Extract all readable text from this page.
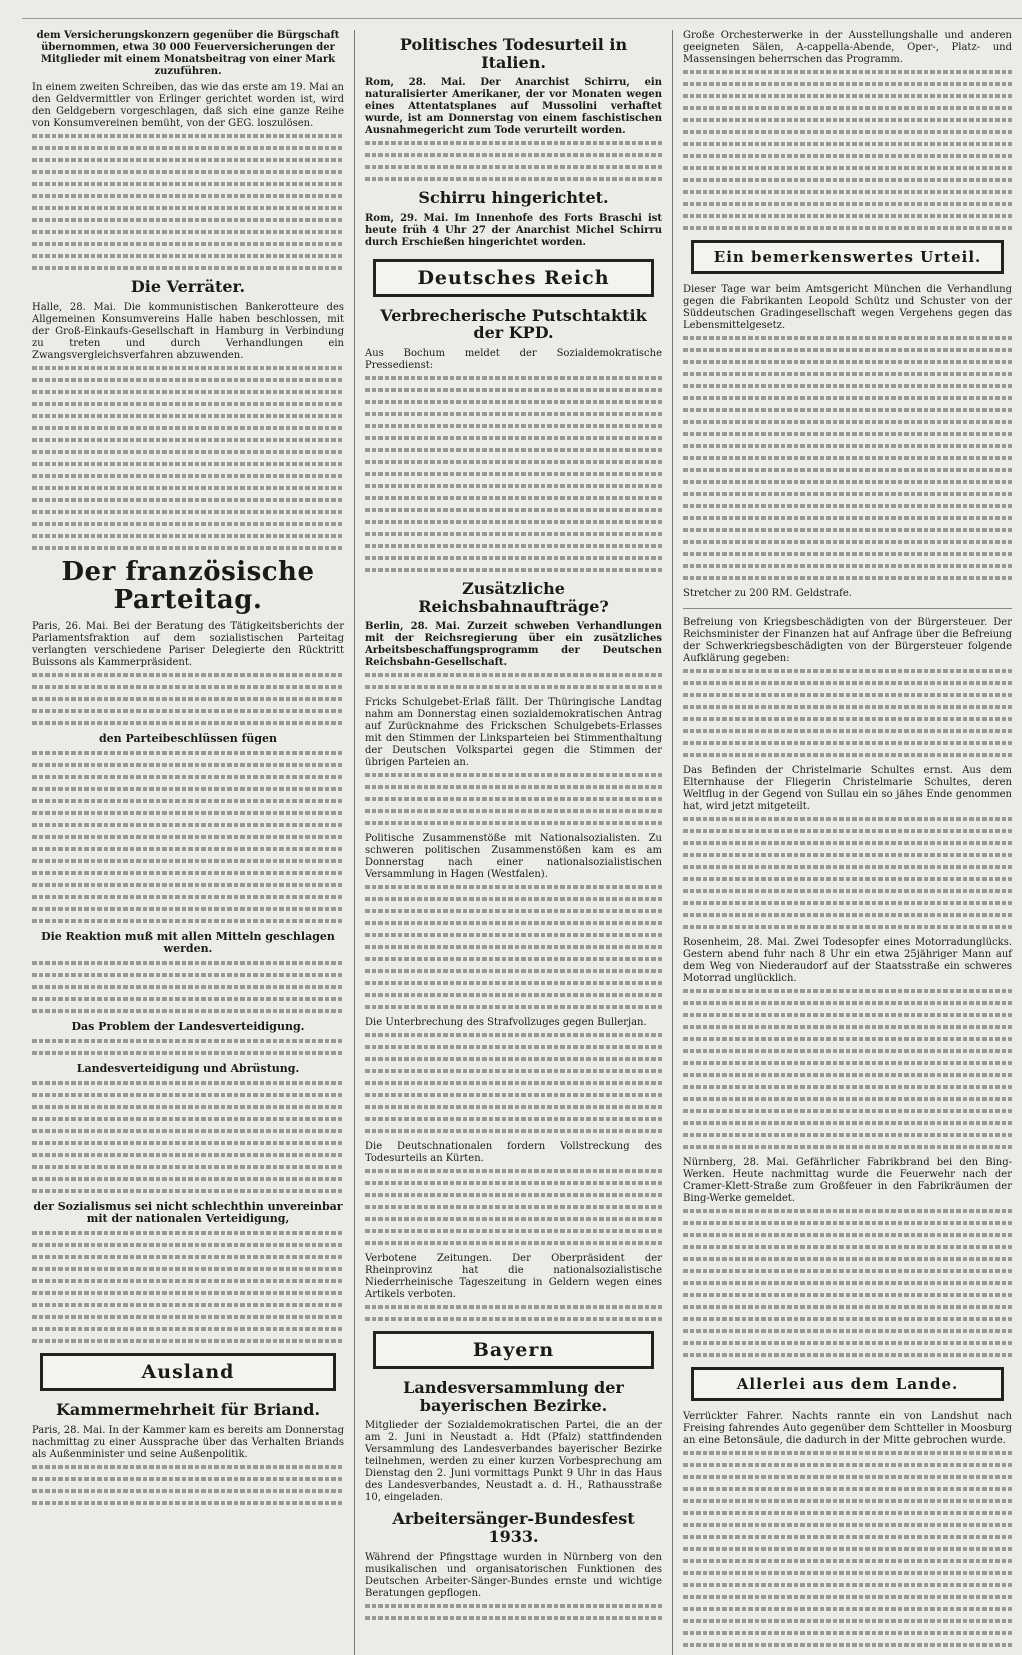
dem Versicherungskonzern gegenüber die Bürgschaft übernommen, etwa 30 000 Feuerversicherungen der Mitglieder mit einem Monatsbeitrag von einer Mark zuzuführen.

In einem zweiten Schreiben, das wie das erste am 19. Mai an den Geldvermittler von Erlinger gerichtet worden ist, wird den Geldgebern vorgeschlagen, daß sich eine ganze Reihe von Konsumvereinen bemüht, von der GEG. loszulösen.

Die Verräter.

Halle, 28. Mai. Die kommunistischen Bankerotteure des Allgemeinen Konsumvereins Halle haben beschlossen, mit der Groß-Einkaufs-Gesellschaft in Hamburg in Verbindung zu treten und durch Verhandlungen ein Zwangsvergleichsverfahren abzuwenden.

Der französische Parteitag.

Paris, 26. Mai. Bei der Beratung des Tätigkeitsberichts der Parlamentsfraktion auf dem sozialistischen Parteitag verlangten verschiedene Pariser Delegierte den Rücktritt Buissons als Kammerpräsident.

den Parteibeschlüssen fügen
Die Reaktion muß mit allen Mitteln geschlagen werden.
Das Problem der Landesverteidigung.
Landesverteidigung und Abrüstung.
der Sozialismus sei nicht schlechthin unvereinbar mit der nationalen Verteidigung,
Ausland
Kammermehrheit für Briand.

Paris, 28. Mai. In der Kammer kam es bereits am Donnerstag nachmittag zu einer Aussprache über das Verhalten Briands als Außenminister und seine Außenpolitik.

Politisches Todesurteil in Italien.

Rom, 28. Mai. Der Anarchist Schirru, ein naturalisierter Amerikaner, der vor Monaten wegen eines Attentatsplanes auf Mussolini verhaftet wurde, ist am Donnerstag von einem faschistischen Ausnahmegericht zum Tode verurteilt worden.

Schirru hingerichtet.

Rom, 29. Mai. Im Innenhofe des Forts Braschi ist heute früh 4 Uhr 27 der Anarchist Michel Schirru durch Erschießen hingerichtet worden.

Deutsches Reich
Verbrecherische Putschtaktik der KPD.

Aus Bochum meldet der Sozialdemokratische Pressedienst:

Zusätzliche Reichsbahnaufträge?

Berlin, 28. Mai. Zurzeit schweben Verhandlungen mit der Reichsregierung über ein zusätzliches Arbeitsbeschaffungsprogramm der Deutschen Reichsbahn-Gesellschaft.

Fricks Schulgebet-Erlaß fällt. Der Thüringische Landtag nahm am Donnerstag einen sozialdemokratischen Antrag auf Zurücknahme des Frickschen Schulgebets-Erlasses mit den Stimmen der Linksparteien bei Stimmenthaltung der Deutschen Volkspartei gegen die Stimmen der übrigen Parteien an.

Politische Zusammenstöße mit Nationalsozialisten. Zu schweren politischen Zusammenstößen kam es am Donnerstag nach einer nationalsozialistischen Versammlung in Hagen (Westfalen).

Die Unterbrechung des Strafvollzuges gegen Bullerjan.

Die Deutschnationalen fordern Vollstreckung des Todesurteils an Kürten.

Verbotene Zeitungen. Der Oberpräsident der Rheinprovinz hat die nationalsozialistische Niederrheinische Tageszeitung in Geldern wegen eines Artikels verboten.

Bayern
Landesversammlung der bayerischen Bezirke.

Mitglieder der Sozialdemokratischen Partei, die an der am 2. Juni in Neustadt a. Hdt (Pfalz) stattfindenden Versammlung des Landesverbandes bayerischer Bezirke teilnehmen, werden zu einer kurzen Vorbesprechung am Dienstag den 2. Juni vormittags Punkt 9 Uhr in das Haus des Landesverbandes, Neustadt a. d. H., Rathausstraße 10, eingeladen.

Arbeitersänger-Bundesfest 1933.

Während der Pfingsttage wurden in Nürnberg von den musikalischen und organisatorischen Funktionen des Deutschen Arbeiter-Sänger-Bundes ernste und wichtige Beratungen gepflogen.

Große Orchesterwerke in der Ausstellungshalle und anderen geeigneten Sälen, A-cappella-Abende, Oper-, Platz- und Massensingen beherrschen das Programm.

Ein bemerkenswertes Urteil.

Dieser Tage war beim Amtsgericht München die Verhandlung gegen die Fabrikanten Leopold Schütz und Schuster von der Süddeutschen Gradingesellschaft wegen Vergehens gegen das Lebensmittelgesetz.

Stretcher zu 200 RM. Geldstrafe.

Befreiung von Kriegsbeschädigten von der Bürgersteuer. Der Reichsminister der Finanzen hat auf Anfrage über die Befreiung der Schwerkriegsbeschädigten von der Bürgersteuer folgende Aufklärung gegeben:

Das Befinden der Christelmarie Schultes ernst. Aus dem Elternhause der Fliegerin Christelmarie Schultes, deren Weltflug in der Gegend von Sullau ein so jähes Ende genommen hat, wird jetzt mitgeteilt.

Rosenheim, 28. Mai. Zwei Todesopfer eines Motorradunglücks. Gestern abend fuhr nach 8 Uhr ein etwa 25jähriger Mann auf dem Weg von Niederaudorf auf der Staatsstraße ein schweres Motorrad unglücklich.

Nürnberg, 28. Mai. Gefährlicher Fabrikbrand bei den Bing-Werken. Heute nachmittag wurde die Feuerwehr nach der Cramer-Klett-Straße zum Großfeuer in den Fabrikräumen der Bing-Werke gemeldet.

Allerlei aus dem Lande.

Verrückter Fahrer. Nachts rannte ein von Landshut nach Freising fahrendes Auto gegenüber dem Schtteller in Moosburg an eine Betonsäule, die dadurch in der Mitte gebrochen wurde.
